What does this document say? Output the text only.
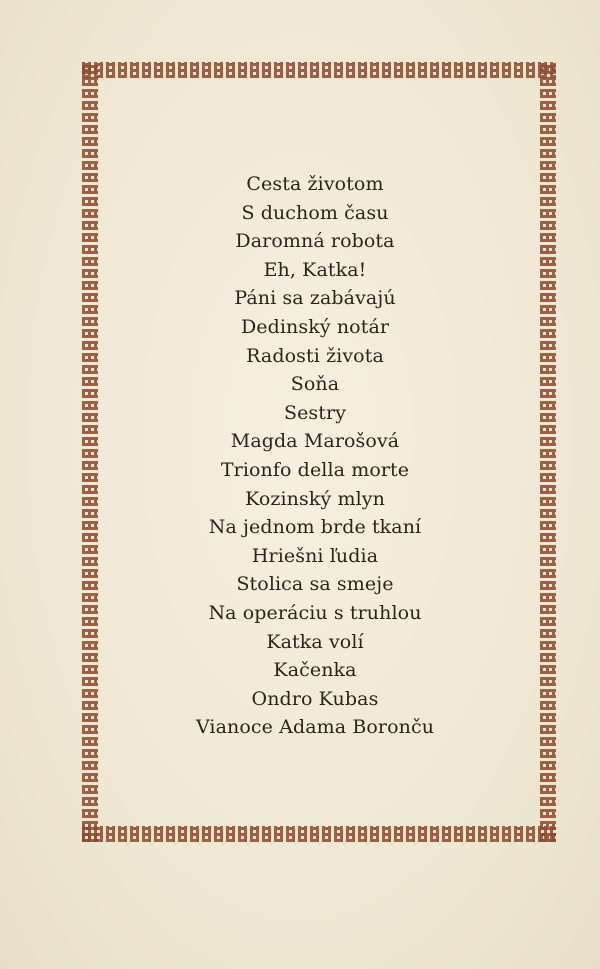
Cesta životom
S duchom času
Daromná robota
Eh, Katka!
Páni sa zabávajú
Dedinský notár
Radosti života
Soňa
Sestry
Magda Marošová
Trionfo della morte
Kozinský mlyn
Na jednom brde tkaní
Hriešni ľudia
Stolica sa smeje
Na operáciu s truhlou
Katka volí
Kačenka
Ondro Kubas
Vianoce Adama Boronču
